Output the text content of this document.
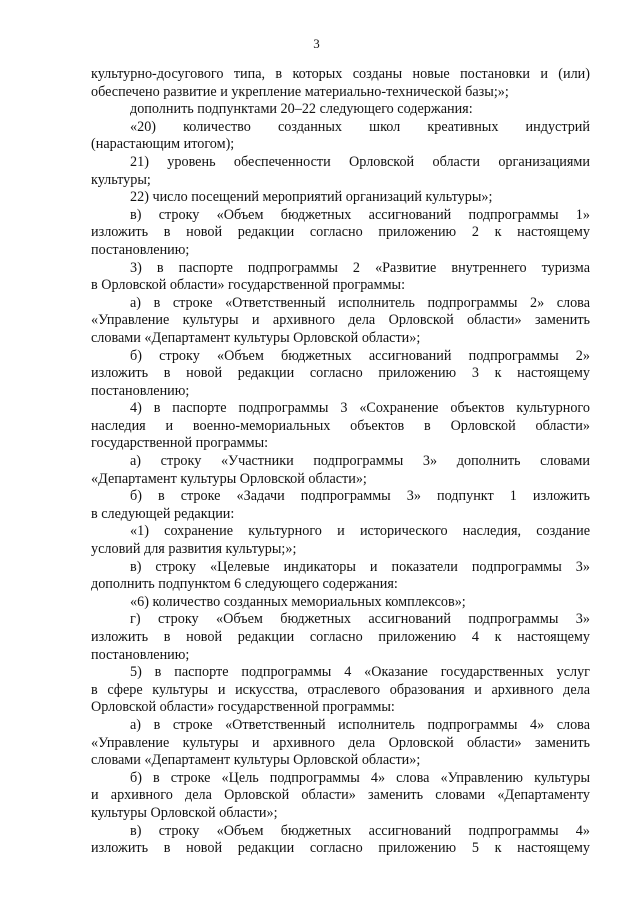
3
культурно-досугового типа, в которых созданы новые постановки и (или)
обеспечено развитие и укрепление материально-технической базы;»;
дополнить подпунктами 20–22 следующего содержания:
«20) количество созданных школ креативных индустрий
(нарастающим итогом);
21) уровень обеспеченности Орловской области организациями
культуры;
22) число посещений мероприятий организаций культуры»;
в) строку «Объем бюджетных ассигнований подпрограммы 1»
изложить в новой редакции согласно приложению 2 к настоящему
постановлению;
3) в паспорте подпрограммы 2 «Развитие внутреннего туризма
в Орловской области» государственной программы:
а) в строке «Ответственный исполнитель подпрограммы 2» слова
«Управление культуры и архивного дела Орловской области» заменить
словами «Департамент культуры Орловской области»;
б) строку «Объем бюджетных ассигнований подпрограммы 2»
изложить в новой редакции согласно приложению 3 к настоящему
постановлению;
4) в паспорте подпрограммы 3 «Сохранение объектов культурного
наследия и военно-мемориальных объектов в Орловской области»
государственной программы:
а) строку «Участники подпрограммы 3» дополнить словами
«Департамент культуры Орловской области»;
б) в строке «Задачи подпрограммы 3» подпункт 1 изложить
в следующей редакции:
«1) сохранение культурного и исторического наследия, создание
условий для развития культуры;»;
в) строку «Целевые индикаторы и показатели подпрограммы 3»
дополнить подпунктом 6 следующего содержания:
«6) количество созданных мемориальных комплексов»;
г) строку «Объем бюджетных ассигнований подпрограммы 3»
изложить в новой редакции согласно приложению 4 к настоящему
постановлению;
5) в паспорте подпрограммы 4 «Оказание государственных услуг
в сфере культуры и искусства, отраслевого образования и архивного дела
Орловской области» государственной программы:
а) в строке «Ответственный исполнитель подпрограммы 4» слова
«Управление культуры и архивного дела Орловской области» заменить
словами «Департамент культуры Орловской области»;
б) в строке «Цель подпрограммы 4» слова «Управлению культуры
и архивного дела Орловской области» заменить словами «Департаменту
культуры Орловской области»;
в) строку «Объем бюджетных ассигнований подпрограммы 4»
изложить в новой редакции согласно приложению 5 к настоящему
